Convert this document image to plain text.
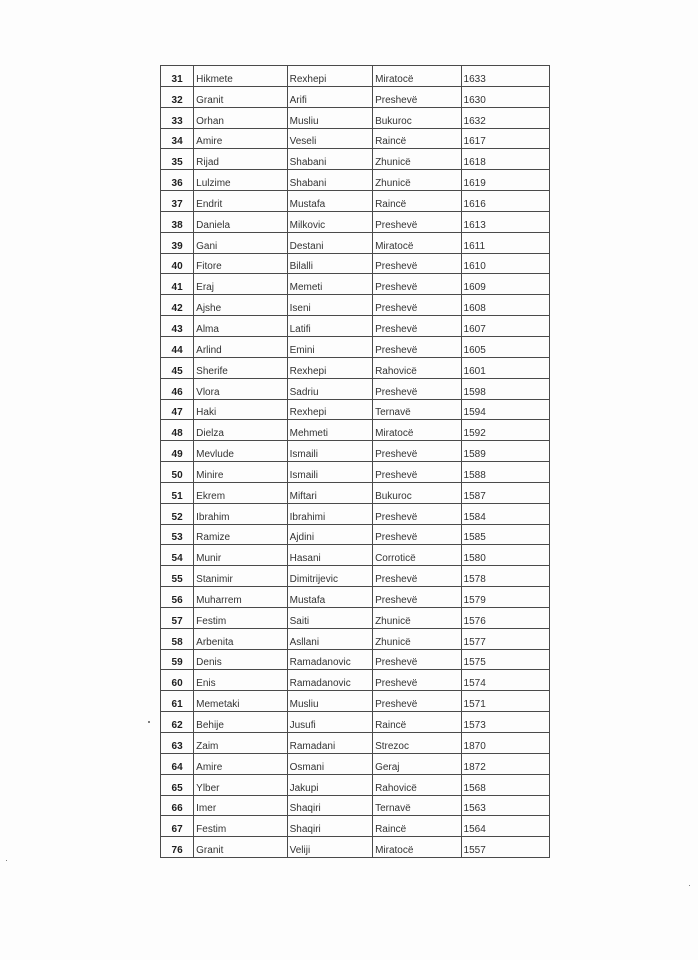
31	Hikmete	Rexhepi	Miratocë	1633
32	Granit	Arifi	Preshevë	1630
33	Orhan	Musliu	Bukuroc	1632
34	Amire	Veseli	Raincë	1617
35	Rijad	Shabani	Zhunicë	1618
36	Lulzime	Shabani	Zhunicë	1619
37	Endrit	Mustafa	Raincë	1616
38	Daniela	Milkovic	Preshevë	1613
39	Gani	Destani	Miratocë	1611
40	Fitore	Bilalli	Preshevë	1610
41	Eraj	Memeti	Preshevë	1609
42	Ajshe	Iseni	Preshevë	1608
43	Alma	Latifi	Preshevë	1607
44	Arlind	Emini	Preshevë	1605
45	Sherife	Rexhepi	Rahovicë	1601
46	Vlora	Sadriu	Preshevë	1598
47	Haki	Rexhepi	Ternavë	1594
48	Dielza	Mehmeti	Miratocë	1592
49	Mevlude	Ismaili	Preshevë	1589
50	Minire	Ismaili	Preshevë	1588
51	Ekrem	Miftari	Bukuroc	1587
52	Ibrahim	Ibrahimi	Preshevë	1584
53	Ramize	Ajdini	Preshevë	1585
54	Munir	Hasani	Corroticë	1580
55	Stanimir	Dimitrijevic	Preshevë	1578
56	Muharrem	Mustafa	Preshevë	1579
57	Festim	Saiti	Zhunicë	1576
58	Arbenita	Asllani	Zhunicë	1577
59	Denis	Ramadanovic	Preshevë	1575
60	Enis	Ramadanovic	Preshevë	1574
61	Memetaki	Musliu	Preshevë	1571
62	Behije	Jusufi	Raincë	1573
63	Zaim	Ramadani	Strezoc	1870
64	Amire	Osmani	Geraj	1872
65	Ylber	Jakupi	Rahovicë	1568
66	Imer	Shaqiri	Ternavë	1563
67	Festim	Shaqiri	Raincë	1564
76	Granit	Veliji	Miratocë	1557
